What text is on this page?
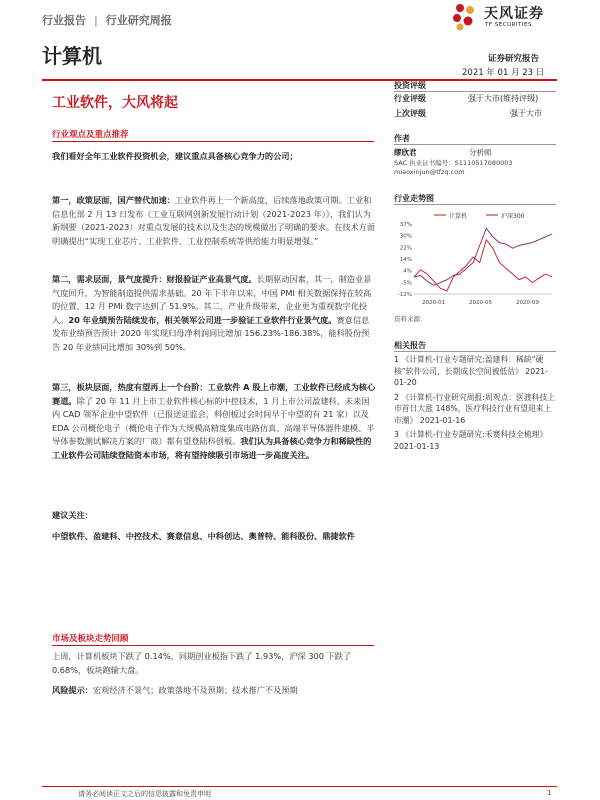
行业报告 | 行业研究周报	天风证券
TF SECURITIES
计算机	证券研究报告
2021 年 01 月 23 日
工业软件，大风将起
行业观点及重点推荐
我们看好全年工业软件投资机会，建议重点具备核心竞争力的公司；
第一，政策层面，国产替代加速：工业软件再上一个新高度，后续落地政策可期。工业和信息化部 2 月 13 日发布《工业互联网创新发展行动计划（2021-2023 年）》，我们认为新纲要（2021-2023）对重点发展的技术以及生态的规模做出了明确的要求。在技术方面明确提出“实现工业芯片、工业软件、工业控制系统等供给能力明显增强。”
第二，需求层面，景气度提升：财报验证产业高景气度。长期驱动因素，其一，制造业景气度回升，为智能制造提供需求基础。20 年下半年以来，中国 PMI 相关数据保持在较高的位置，12 月 PMI 数字达到了 51.9%。其二，产业升级带来，企业更为重视数字化投入。20 年业绩预告陆续发布，相关领军公司进一步验证工业软件行业景气度。赛意信息发布业绩预告预计 2020 年实现归母净利润同比增加 156.23%-186.38%，能科股份预告 20 年业绩同比增加 30%到 50%。
第三，板块层面，热度有望再上一个台阶：工业软件 A 股上市潮，工业软件已经成为核心赛道。除了 20 年 11 月上市工业软件核心标的中控技术，1 月上市公司盈建科，未来国内 CAD 领军企业中望软件（已报送证监会，科创板过会时间早于中望的有 21 家）以及 EDA 公司概伦电子（概伦电子作为大规模高精度集成电路仿真、高端半导体器件建模、半导体参数测试解决方案的厂商）都有望登陆科创板。我们认为具备核心竞争力和稀缺性的工业软件公司陆续登陆资本市场，将有望持续吸引市场进一步高度关注。
建议关注：
中望软件、盈建科、中控技术、赛意信息、中科创达、奥普特、能科股份、鼎捷软件
市场及板块走势回顾
上周，计算机板块下跌了 0.14%，同期创业板指下跌了 1.93%，沪深 300 下跌了 0.68%，板块跑输大盘。
风险提示：宏观经济不景气；政策落地不及预期；技术推广不及预期
投资评级
行业评级	强于大市(维持评级)
上次评级	强于大市
作者
缪欣君	分析师
SAC 执业证书编号：S1110517080003
miaoxinjun@tfzq.com
行业走势图
计算机	沪深300
37%
30%
22%
14%
4%
-5%
-12%
2020-01	2020-05	2020-09
资料来源：
相关报告
1 《计算机-行业专题研究:盈建科：稀缺“硬核”软件公司，长期成长空间被低估》 2021-01-20
2 《计算机-行业研究周报:周观点：医渡科技上市首日大涨 148%，医疗科技行业有望迎来上市潮》 2021-01-16
3 《计算机-行业专题研究:禾赛科技全梳理》 2021-01-13
请务必阅读正文之后的信息披露和免责申明	1
